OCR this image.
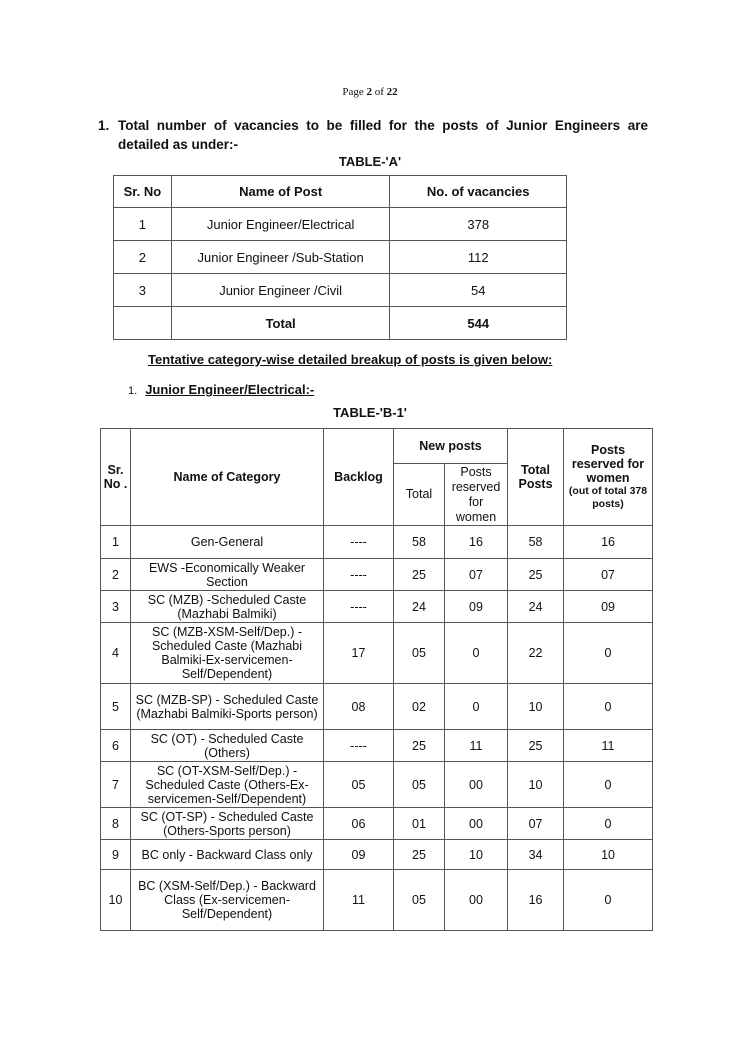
Page 2 of 22
1. Total number of vacancies to be filled for the posts of Junior Engineers are detailed as under:-
TABLE-'A'
Sr. No	Name of Post	No. of vacancies
1	Junior Engineer/Electrical	378
2	Junior Engineer /Sub-Station	112
3	Junior Engineer /Civil	54
	Total	544
Tentative category-wise detailed breakup of posts is given below:
1. Junior Engineer/Electrical:-
TABLE-'B-1'
Sr. No .	Name of Category	Backlog	New posts		Total Posts	Posts reserved for women
(out of total 378 posts)

			Total	Posts reserved for women		
1	Gen-General	----	58	16	58	16
2	EWS -Economically Weaker Section	----	25	07	25	07
3	SC (MZB) -Scheduled Caste (Mazhabi Balmiki)	----	24	09	24	09
4	SC (MZB-XSM-Self/Dep.) - Scheduled Caste (Mazhabi Balmiki-Ex-servicemen-Self/Dependent)	17	05	0	22	0
5	SC (MZB-SP) - Scheduled Caste (Mazhabi Balmiki-Sports person)	08	02	0	10	0
6	SC (OT) - Scheduled Caste (Others)	----	25	11	25	11
7	SC (OT-XSM-Self/Dep.) - Scheduled Caste (Others-Ex-servicemen-Self/Dependent)	05	05	00	10	0
8	SC (OT-SP) - Scheduled Caste (Others-Sports person)	06	01	00	07	0
9	BC only - Backward Class only	09	25	10	34	10
10	BC (XSM-Self/Dep.) - Backward Class (Ex-servicemen-Self/Dependent)	11	05	00	16	0
